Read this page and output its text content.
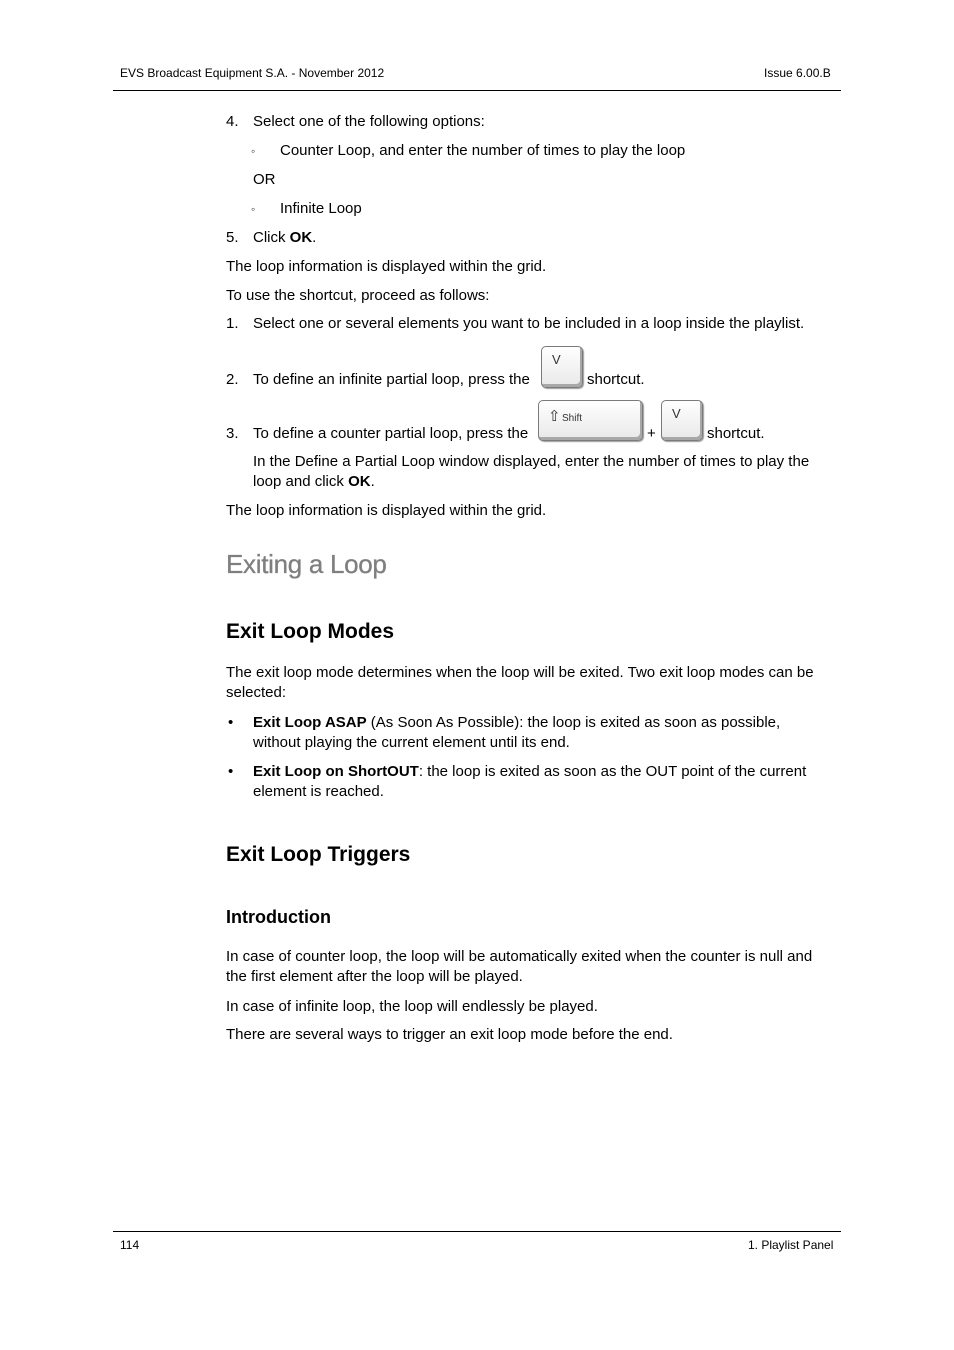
EVS Broadcast Equipment S.A. - November 2012	Issue 6.00.B
4. Select one of the following options:
◦ Counter Loop, and enter the number of times to play the loop
OR
◦ Infinite Loop
5. Click OK.
The loop information is displayed within the grid.
To use the shortcut, proceed as follows:
1. Select one or several elements you want to be included in a loop inside the playlist.
2. To define an infinite partial loop, press the
V
shortcut.
3. To define a counter partial loop, press the
⇧ Shift
+
V
shortcut.
In the Define a Partial Loop window displayed, enter the number of times to play the loop and click OK.
The loop information is displayed within the grid.
Exiting a Loop
Exit Loop Modes
The exit loop mode determines when the loop will be exited. Two exit loop modes can be selected:
• Exit Loop ASAP (As Soon As Possible): the loop is exited as soon as possible, without playing the current element until its end.
• Exit Loop on ShortOUT: the loop is exited as soon as the OUT point of the current element is reached.
Exit Loop Triggers
Introduction
In case of counter loop, the loop will be automatically exited when the counter is null and the first element after the loop will be played.
In case of infinite loop, the loop will endlessly be played.
There are several ways to trigger an exit loop mode before the end.
114	1. Playlist Panel
